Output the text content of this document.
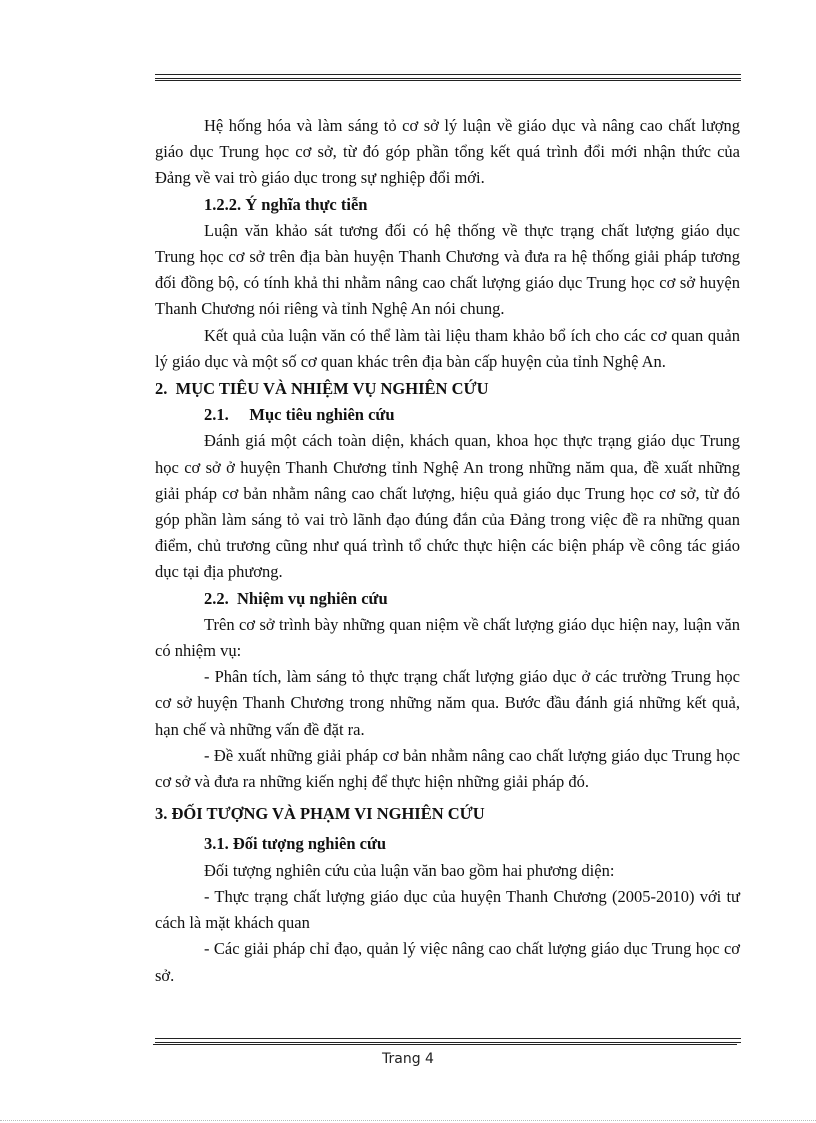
Hệ hống hóa và làm sáng tỏ cơ sở lý luận về giáo dục và nâng cao chất lượng giáo dục Trung học cơ sở, từ đó góp phần tổng kết quá trình đổi mới nhận thức của Đảng về vai trò giáo dục trong sự nghiệp đổi mới.

1.2.2. Ý nghĩa thực tiễn

Luận văn khảo sát tương đối có hệ thống về thực trạng chất lượng giáo dục Trung học cơ sở trên địa bàn huyện Thanh Chương và đưa ra hệ thống giải pháp tương đối đồng bộ, có tính khả thi nhằm nâng cao chất lượng giáo dục Trung học cơ sở huyện Thanh Chương nói riêng và tỉnh Nghệ An nói chung.

Kết quả của luận văn có thể làm tài liệu tham khảo bổ ích cho các cơ quan quản lý giáo dục và một số cơ quan khác trên địa bàn cấp huyện của tỉnh Nghệ An.

2.  MỤC TIÊU VÀ NHIỆM VỤ NGHIÊN CỨU

2.1.     Mục tiêu nghiên cứu

Đánh giá một cách toàn diện, khách quan, khoa học thực trạng giáo dục Trung học cơ sở ở huyện Thanh Chương tỉnh Nghệ An trong những năm qua, đề xuất những giải pháp cơ bản nhằm nâng cao chất lượng, hiệu quả giáo dục Trung học cơ sở, từ đó góp phần làm sáng tỏ vai trò lãnh đạo đúng đắn của Đảng trong việc đề ra những quan điểm, chủ trương cũng như quá trình tổ chức thực hiện các biện pháp về công tác giáo dục tại địa phương.

2.2.  Nhiệm vụ nghiên cứu

Trên cơ sở trình bày những quan niệm về chất lượng giáo dục hiện nay, luận văn có nhiệm vụ:

- Phân tích, làm sáng tỏ thực trạng chất lượng giáo dục ở các trường Trung học cơ sở huyện Thanh Chương trong những năm qua. Bước đầu đánh giá những kết quả, hạn chế và những vấn đề đặt ra.

- Đề xuất những giải pháp cơ bản nhằm nâng cao chất lượng giáo dục Trung học cơ sở và đưa ra những kiến nghị để thực hiện những giải pháp đó.

3. ĐỐI TƯỢNG VÀ PHẠM VI NGHIÊN CỨU

3.1. Đối tượng nghiên cứu

Đối tượng nghiên cứu của luận văn bao gồm hai phương diện:

- Thực trạng chất lượng giáo dục của huyện Thanh Chương (2005-2010) với tư cách là mặt khách quan

- Các giải pháp chỉ đạo, quản lý việc nâng cao chất lượng giáo dục Trung học cơ sở.

Trang 4
